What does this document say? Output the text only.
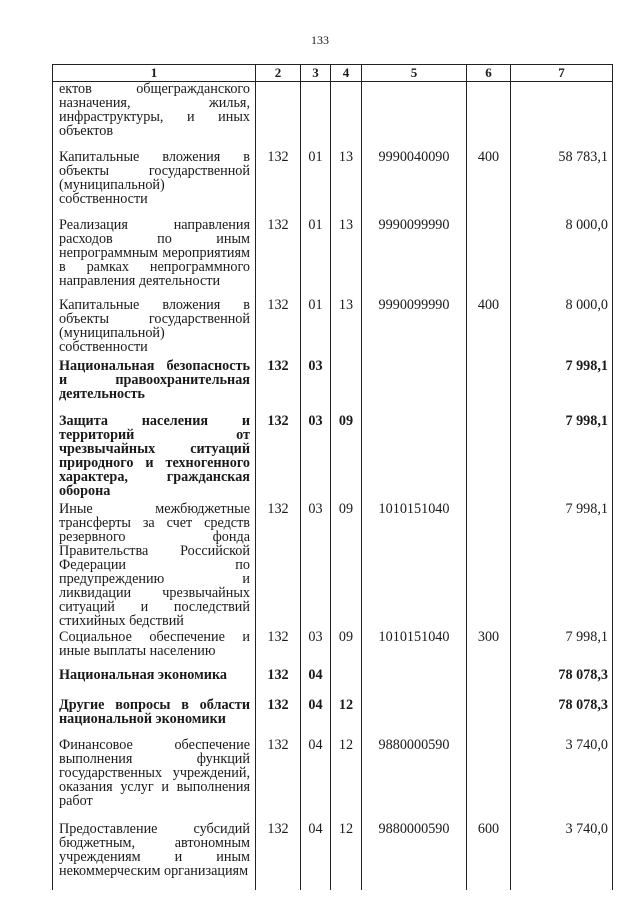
133
1	2	3	4	5	6	7
ектов общегражданского назначения, жилья, инфраструктуры, и иных объектов						
Капитальные вложения в объекты государственной (муниципальной) собственности	132	01	13	9990040090	400	58 783,1
Реализация направления расходов по иным непрограммным мероприятиям в рамках непрограммного направления деятельности	132	01	13	9990099990		8 000,0
Капитальные вложения в объекты государственной (муниципальной) собственности	132	01	13	9990099990	400	8 000,0
Национальная безопасность и правоохранительная деятельность	132	03				7 998,1
Защита населения и территорий от чрезвычайных ситуаций природного и техногенного характера, гражданская оборона	132	03	09			7 998,1
Иные межбюджетные трансферты за счет средств резервного фонда Правительства Российской Федерации по предупреждению и ликвидации чрезвычайных ситуаций и последствий стихийных бедствий	132	03	09	1010151040		7 998,1
Социальное обеспечение и иные выплаты населению	132	03	09	1010151040	300	7 998,1
Национальная экономика	132	04				78 078,3
Другие вопросы в области национальной экономики	132	04	12			78 078,3
Финансовое обеспечение выполнения функций государственных учреждений, оказания услуг и выполнения работ	132	04	12	9880000590		3 740,0
Предоставление субсидий бюджетным, автономным учреждениям и иным некоммерческим организациям	132	04	12	9880000590	600	3 740,0
